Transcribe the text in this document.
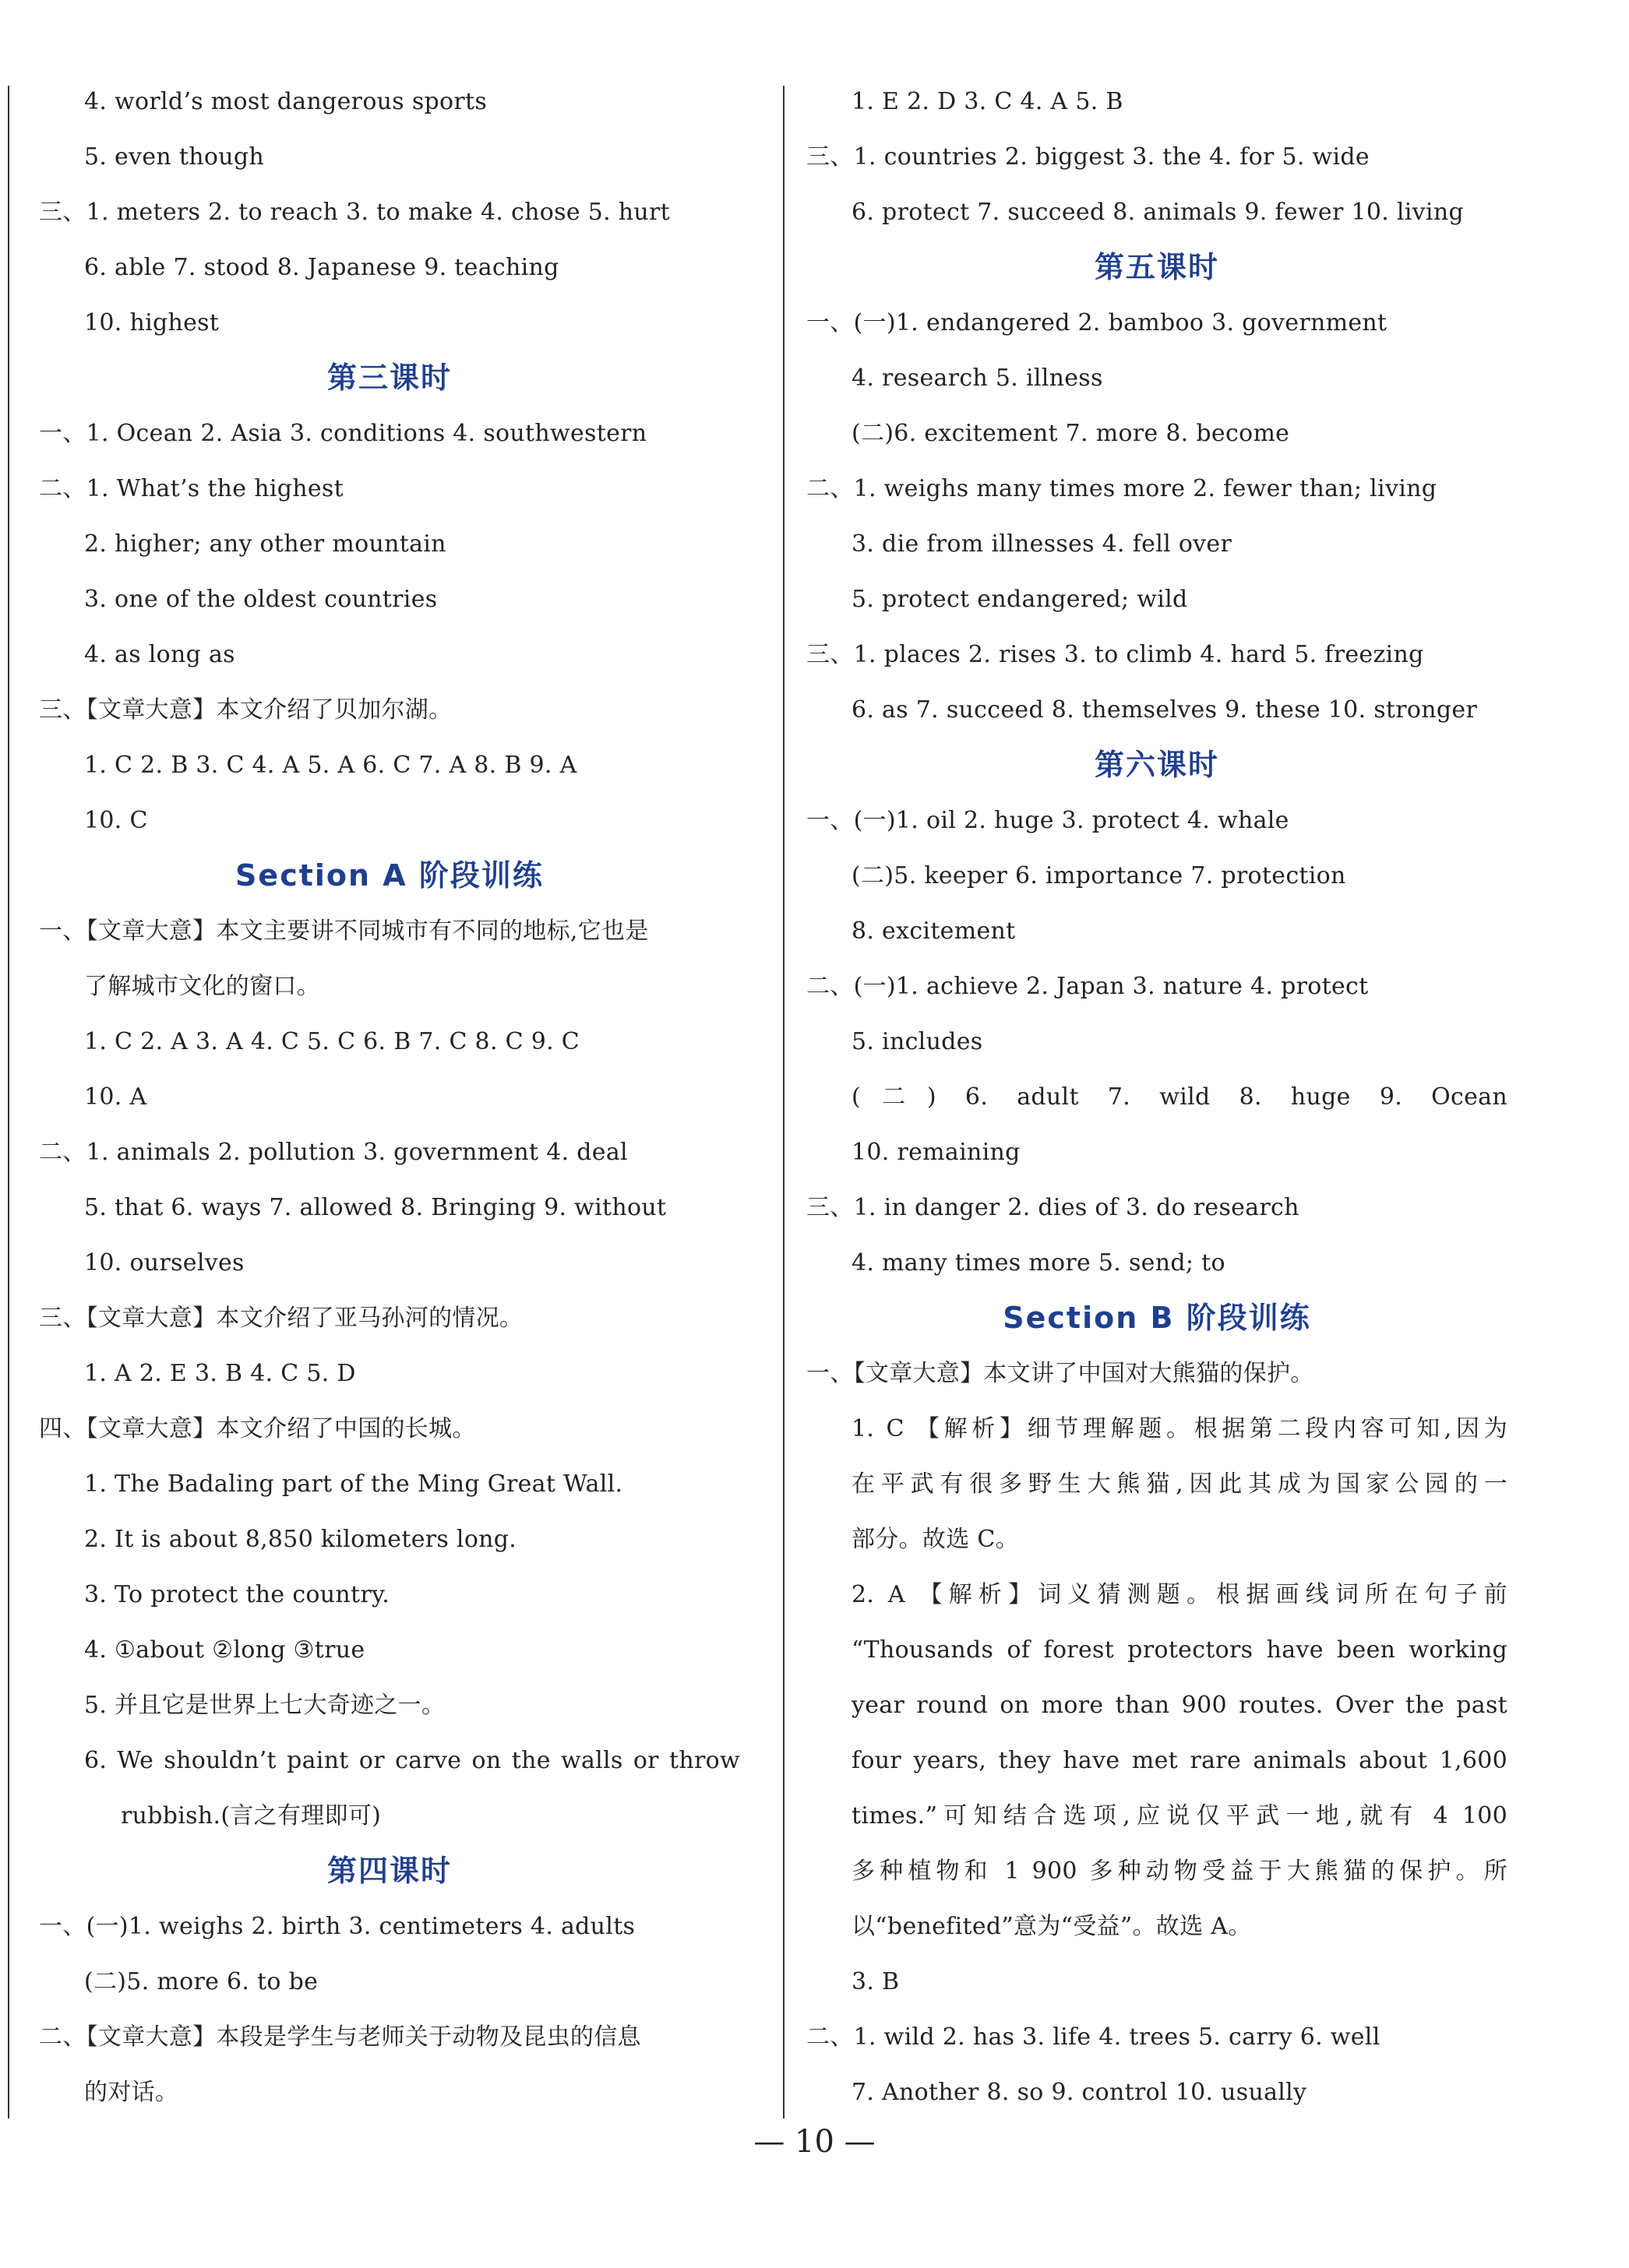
4. world’s most dangerous sports
5. even though
三、1. meters 2. to reach 3. to make 4. chose 5. hurt
6. able 7. stood 8. Japanese 9. teaching
10. highest
第三课时
一、1. Ocean 2. Asia 3. conditions 4. southwestern
二、1. What’s the highest
2. higher; any other mountain
3. one of the oldest countries
4. as long as
三、【文章大意】本文介绍了贝加尔湖。
1. C 2. B 3. C 4. A 5. A 6. C 7. A 8. B 9. A
10. C
Section A 阶段训练
一、【文章大意】本文主要讲不同城市有不同的地标,它也是
了解城市文化的窗口。
1. C 2. A 3. A 4. C 5. C 6. B 7. C 8. C 9. C
10. A
二、1. animals 2. pollution 3. government 4. deal
5. that 6. ways 7. allowed 8. Bringing 9. without
10. ourselves
三、【文章大意】本文介绍了亚马孙河的情况。
1. A 2. E 3. B 4. C 5. D
四、【文章大意】本文介绍了中国的长城。
1. The Badaling part of the Ming Great Wall.
2. It is about 8,850 kilometers long.
3. To protect the country.
4. ①about ②long ③true
5. 并且它是世界上七大奇迹之一。
6. We shouldn’t paint or carve on the walls or throw
rubbish.(言之有理即可)
第四课时
一、(一)1. weighs 2. birth 3. centimeters 4. adults
(二)5. more 6. to be
二、【文章大意】本段是学生与老师关于动物及昆虫的信息
的对话。
1. E 2. D 3. C 4. A 5. B
三、1. countries 2. biggest 3. the 4. for 5. wide
6. protect 7. succeed 8. animals 9. fewer 10. living
第五课时
一、(一)1. endangered 2. bamboo 3. government
4. research 5. illness
(二)6. excitement 7. more 8. become
二、1. weighs many times more 2. fewer than; living
3. die from illnesses 4. fell over
5. protect endangered; wild
三、1. places 2. rises 3. to climb 4. hard 5. freezing
6. as 7. succeed 8. themselves 9. these 10. stronger
第六课时
一、(一)1. oil 2. huge 3. protect 4. whale
(二)5. keeper 6. importance 7. protection
8. excitement
二、(一)1. achieve 2. Japan 3. nature 4. protect
5. includes
(二) 6. adult 7. wild 8. huge 9. Ocean
10. remaining
三、1. in danger 2. dies of 3. do research
4. many times more 5. send; to
Section B 阶段训练
一、【文章大意】本文讲了中国对大熊猫的保护。
1. C 【解析】细节理解题。根据第二段内容可知,因为
在平武有很多野生大熊猫,因此其成为国家公园的一
部分。故选 C。
2. A 【解析】词义猜测题。根据画线词所在句子前
“Thousands of forest protectors have been working
year round on more than 900 routes. Over the past
four years, they have met rare animals about 1,600
times.”可知结合选项,应说仅平武一地,就有 4 100
多种植物和 1 900 多种动物受益于大熊猫的保护。所
以“benefited”意为“受益”。故选 A。
3. B
二、1. wild 2. has 3. life 4. trees 5. carry 6. well
7. Another 8. so 9. control 10. usually
— 10 —
